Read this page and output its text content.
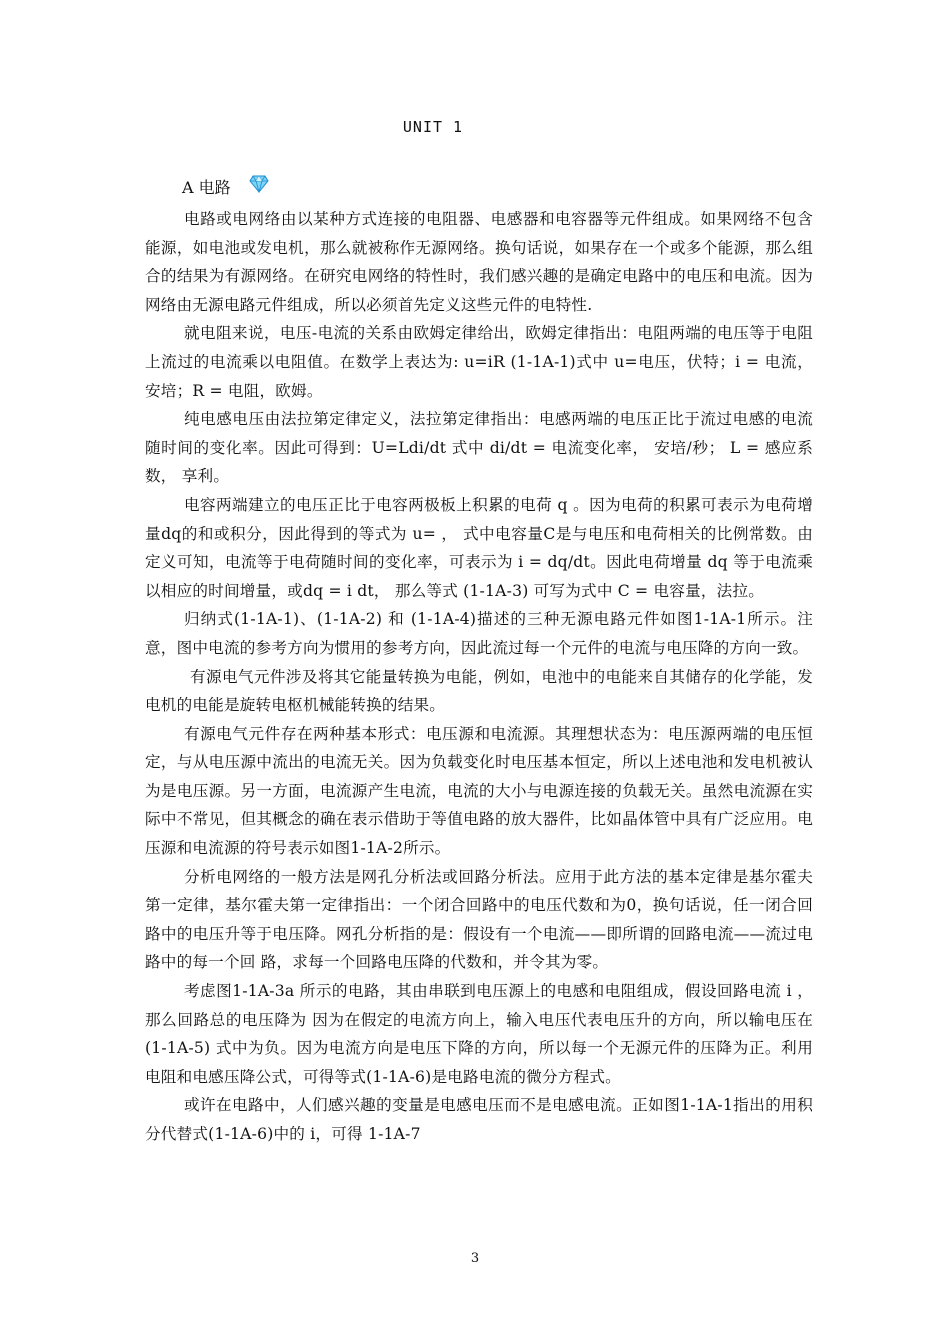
UNIT 1
A 电路

电路或电网络由以某种方式连接的电阻器、电感器和电容器等元件组成。如果网络不包含能源，如电池或发电机，那么就被称作无源网络。换句话说，如果存在一个或多个能源，那么组合的结果为有源网络。在研究电网络的特性时，我们感兴趣的是确定电路中的电压和电流。因为网络由无源电路元件组成，所以必须首先定义这些元件的电特性.

就电阻来说，电压-电流的关系由欧姆定律给出，欧姆定律指出：电阻两端的电压等于电阻上流过的电流乘以电阻值。在数学上表达为: u=iR (1-1A-1)式中 u=电压，伏特；i = 电流，安培；R = 电阻，欧姆。

纯电感电压由法拉第定律定义，法拉第定律指出：电感两端的电压正比于流过电感的电流随时间的变化率。因此可得到：U=Ldi/dt 式中 di/dt = 电流变化率， 安培/秒； L = 感应系数， 享利。

电容两端建立的电压正比于电容两极板上积累的电荷 q 。因为电荷的积累可表示为电荷增量dq的和或积分，因此得到的等式为 u= ， 式中电容量C是与电压和电荷相关的比例常数。由定义可知，电流等于电荷随时间的变化率，可表示为 i = dq/dt。因此电荷增量 dq 等于电流乘以相应的时间增量，或dq = i dt， 那么等式 (1-1A-3) 可写为式中 C = 电容量，法拉。

归纳式(1-1A-1)、(1-1A-2) 和 (1-1A-4)描述的三种无源电路元件如图1-1A-1所示。注意，图中电流的参考方向为惯用的参考方向，因此流过每一个元件的电流与电压降的方向一致。

有源电气元件涉及将其它能量转换为电能，例如，电池中的电能来自其储存的化学能，发电机的电能是旋转电枢机械能转换的结果。

有源电气元件存在两种基本形式：电压源和电流源。其理想状态为：电压源两端的电压恒定，与从电压源中流出的电流无关。因为负载变化时电压基本恒定，所以上述电池和发电机被认为是电压源。另一方面，电流源产生电流，电流的大小与电源连接的负载无关。虽然电流源在实际中不常见，但其概念的确在表示借助于等值电路的放大器件，比如晶体管中具有广泛应用。电压源和电流源的符号表示如图1-1A-2所示。

分析电网络的一般方法是网孔分析法或回路分析法。应用于此方法的基本定律是基尔霍夫第一定律，基尔霍夫第一定律指出：一个闭合回路中的电压代数和为0，换句话说，任一闭合回路中的电压升等于电压降。网孔分析指的是：假设有一个电流——即所谓的回路电流——流过电路中的每一个回 路，求每一个回路电压降的代数和，并令其为零。

考虑图1-1A-3a 所示的电路，其由串联到电压源上的电感和电阻组成，假设回路电流 i ，那么回路总的电压降为 因为在假定的电流方向上，输入电压代表电压升的方向，所以输电压在 (1-1A-5) 式中为负。因为电流方向是电压下降的方向，所以每一个无源元件的压降为正。利用电阻和电感压降公式，可得等式(1-1A-6)是电路电流的微分方程式。

或许在电路中，人们感兴趣的变量是电感电压而不是电感电流。正如图1-1A-1指出的用积分代替式(1-1A-6)中的 i，可得 1-1A-7

3
